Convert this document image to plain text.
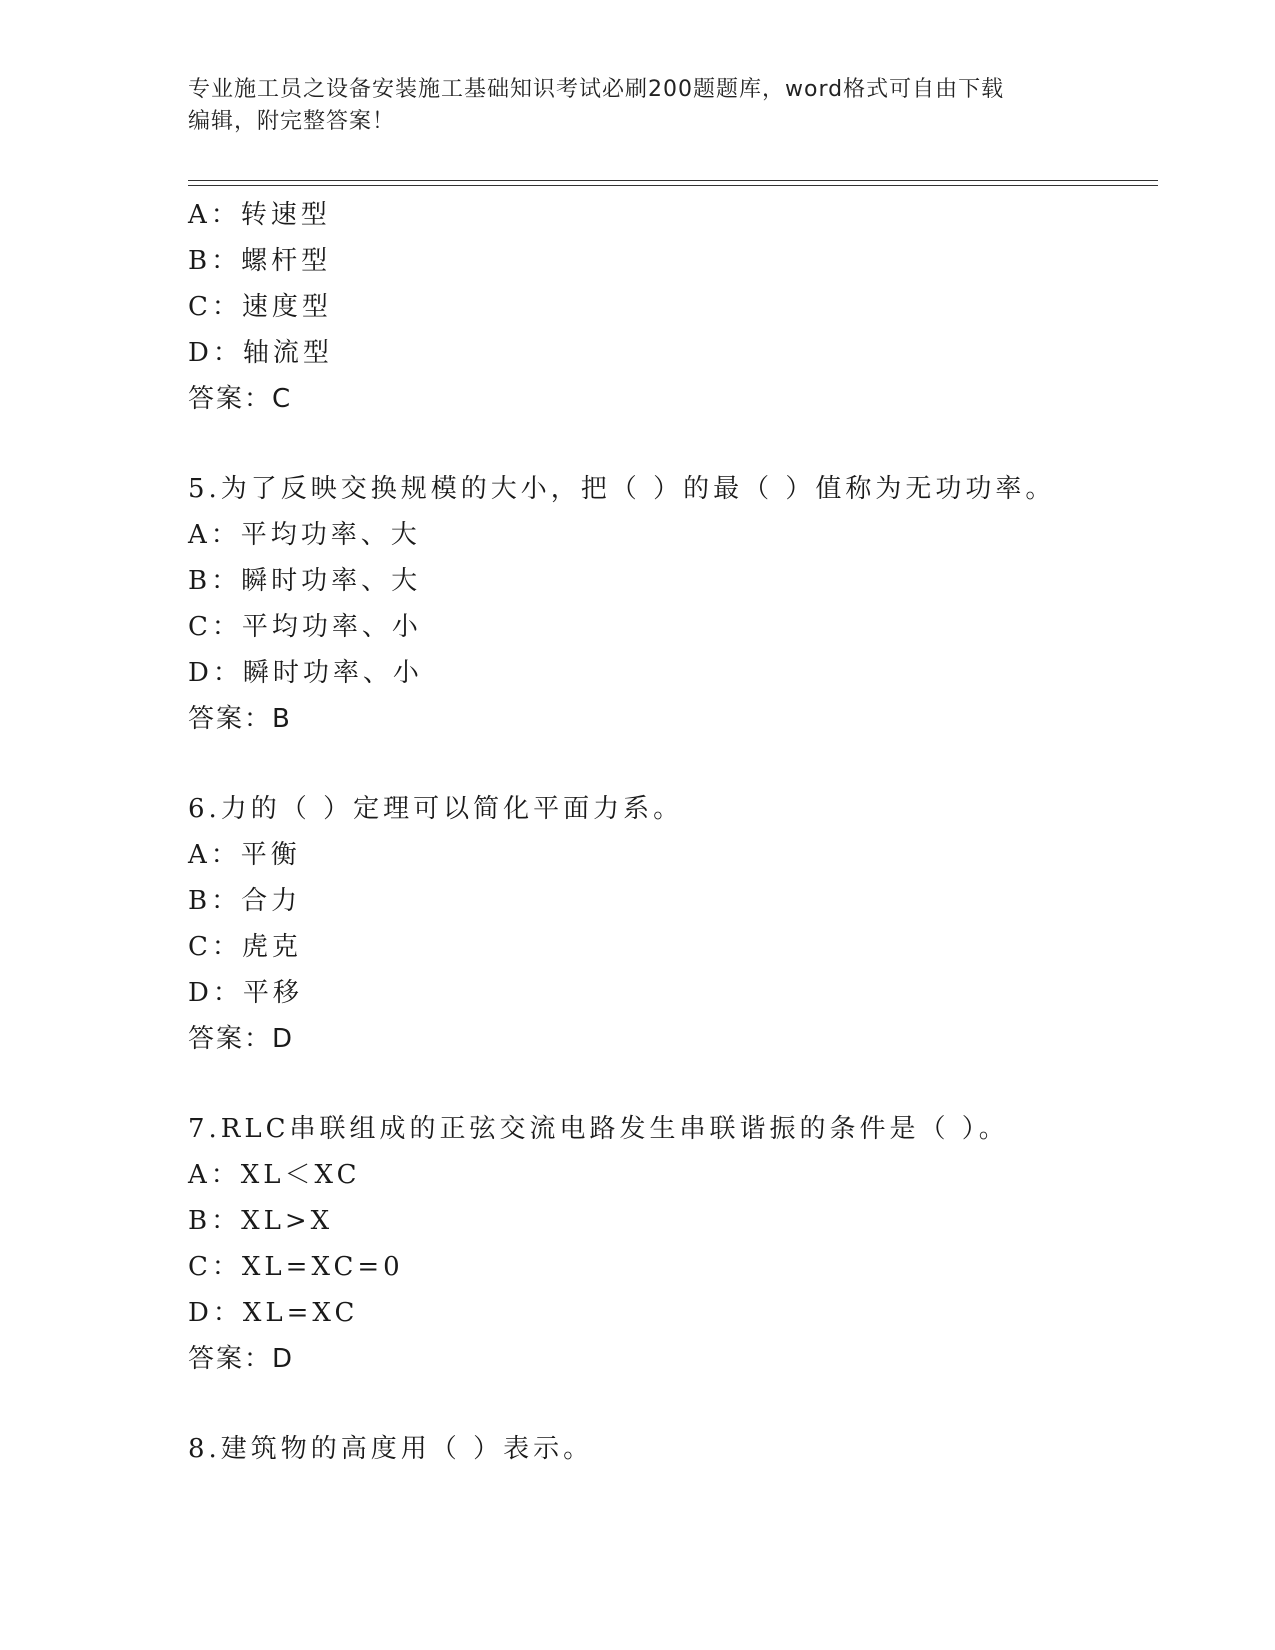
专业施工员之设备安装施工基础知识考试必刷200题题库，word格式可自由下载
编辑，附完整答案！
A：转速型
B：螺杆型
C：速度型
D：轴流型
答案：C
5.为了反映交换规模的大小，把（ ）的最（ ）值称为无功功率。
A：平均功率、大
B：瞬时功率、大
C：平均功率、小
D：瞬时功率、小
答案：B
6.力的（ ）定理可以简化平面力系。
A：平衡
B：合力
C：虎克
D：平移
答案：D
7.RLC串联组成的正弦交流电路发生串联谐振的条件是（ ）。
A：XL＜XC
B：XL>X
C：XL=XC=0
D：XL=XC
答案：D
8.建筑物的高度用（ ）表示。
